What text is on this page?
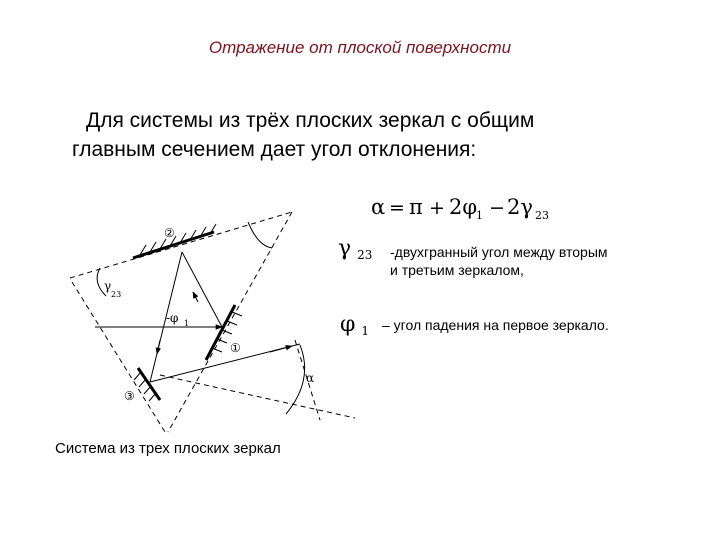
Отражение от плоской поверхности
Для системы из трёх плоских зеркал с общим
главным сечением дает угол отклонения:
α = π + 2φ
1 − 2γ 23
γ $_{23}$ -двухгранный угол между вторым
и третьим зеркалом,
φ $_1$ – угол падения на первое зеркало.
②
①
③
γ
23
-φ 1
α
Система из трех плоских зеркал
